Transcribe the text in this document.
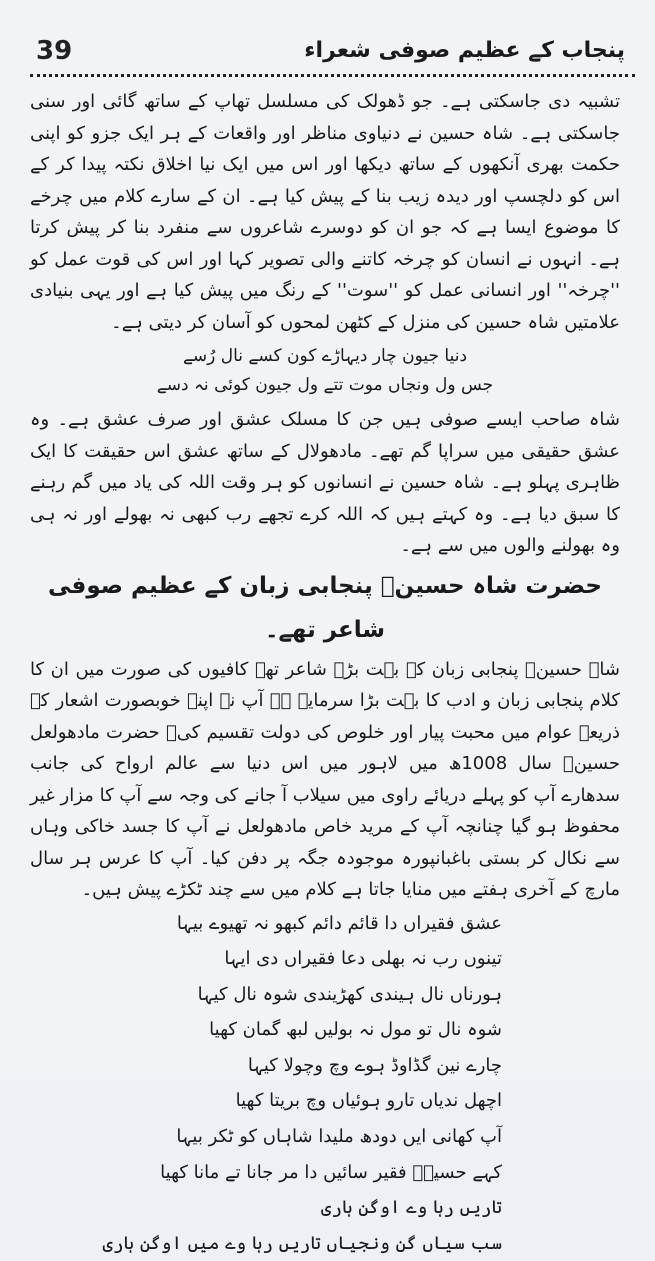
39	پنجاب کے عظیم صوفی شعراء

تشبیہ دی جاسکتی ہے۔ جو ڈھولک کی مسلسل تھاپ کے ساتھ گائی اور سنی جاسکتی ہے۔ شاہ حسین نے دنیاوی مناظر اور واقعات کے ہر ایک جزو کو اپنی حکمت بھری آنکھوں کے ساتھ دیکھا اور اس میں ایک نیا اخلاق نکتہ پیدا کر کے اس کو دلچسپ اور دیدہ زیب بنا کے پیش کیا ہے۔ ان کے سارے کلام میں چرخے کا موضوع ایسا ہے کہ جو ان کو دوسرے شاعروں سے منفرد بنا کر پیش کرتا ہے۔ انہوں نے انسان کو چرخہ کاتنے والی تصویر کہا اور اس کی قوت عمل کو ''چرخہ'' اور انسانی عمل کو ''سوت'' کے رنگ میں پیش کیا ہے اور یہی بنیادی علامتیں شاہ حسین کی منزل کے کٹھن لمحوں کو آسان کر دیتی ہے۔

دنیا جیون چار دیہاڑے کون کسے نال رُسے
جس ول ونجاں موت تتے ول جیون کوئی نہ دسے

شاہ صاحب ایسے صوفی ہیں جن کا مسلک عشق اور صرف عشق ہے۔ وہ عشق حقیقی میں سراپا گم تھے۔ مادھولال کے ساتھ عشق اس حقیقت کا ایک ظاہری پہلو ہے۔ شاہ حسین نے انسانوں کو ہر وقت اللہ کی یاد میں گم رہنے کا سبق دیا ہے۔ وہ کہتے ہیں کہ اللہ کرے تجھے رب کبھی نہ بھولے اور نہ ہی وہ بھولنے والوں میں سے ہے۔

حضرت شاہ حسینؒ پنجابی زبان کے عظیم صوفی شاعر تھے۔

شاہ حسینؒ پنجابی زبان کے بہت بڑے شاعر تھے کافیوں کی صورت میں ان کا کلام پنجابی زبان و ادب کا بہت بڑا سرمایہ ہے آپ نے اپنے خوبصورت اشعار کے ذریعہ عوام میں محبت پیار اور خلوص کی دولت تقسیم کی۔ حضرت مادھولعل حسینؒ سال 1008ھ میں لاہور میں اس دنیا سے عالم ارواح کی جانب سدھارے آپ کو پہلے دریائے راوی میں سیلاب آ جانے کی وجہ سے آپ کا مزار غیر محفوظ ہو گیا چنانچہ آپ کے مرید خاص مادھولعل نے آپ کا جسد خاکی وہاں سے نکال کر بستی باغبانپورہ موجودہ جگہ پر دفن کیا۔ آپ کا عرس ہر سال مارچ کے آخری ہفتے میں منایا جاتا ہے کلام میں سے چند ٹکڑے پیش ہیں۔

عشق فقیراں دا قائم دائم کبھو نہ تھیوے بیہا
تینوں رب نہ بھلی دعا فقیراں دی ایہا
ہورناں نال ہیندی کھڑیندی شوہ نال کیہا
شوہ نال تو مول نہ بولیں لبھ گمان کھیا
چارے نین گڈاوڈ ہوے وچ وچولا کیہا
اچھل ندیاں تارو ہوئیاں وچ بریتا کھیا
آپ کھانی ایں دودھ ملیدا شاہاں کو ٹکر بیہا
کہے حسینؒ فقیر سائیں دا مر جانا تے مانا کھیا
تاریں رہا وے اوگن ہاری
سب سیاں گن ونجیاں تاریں رہا وے میں اوگن ہاری
